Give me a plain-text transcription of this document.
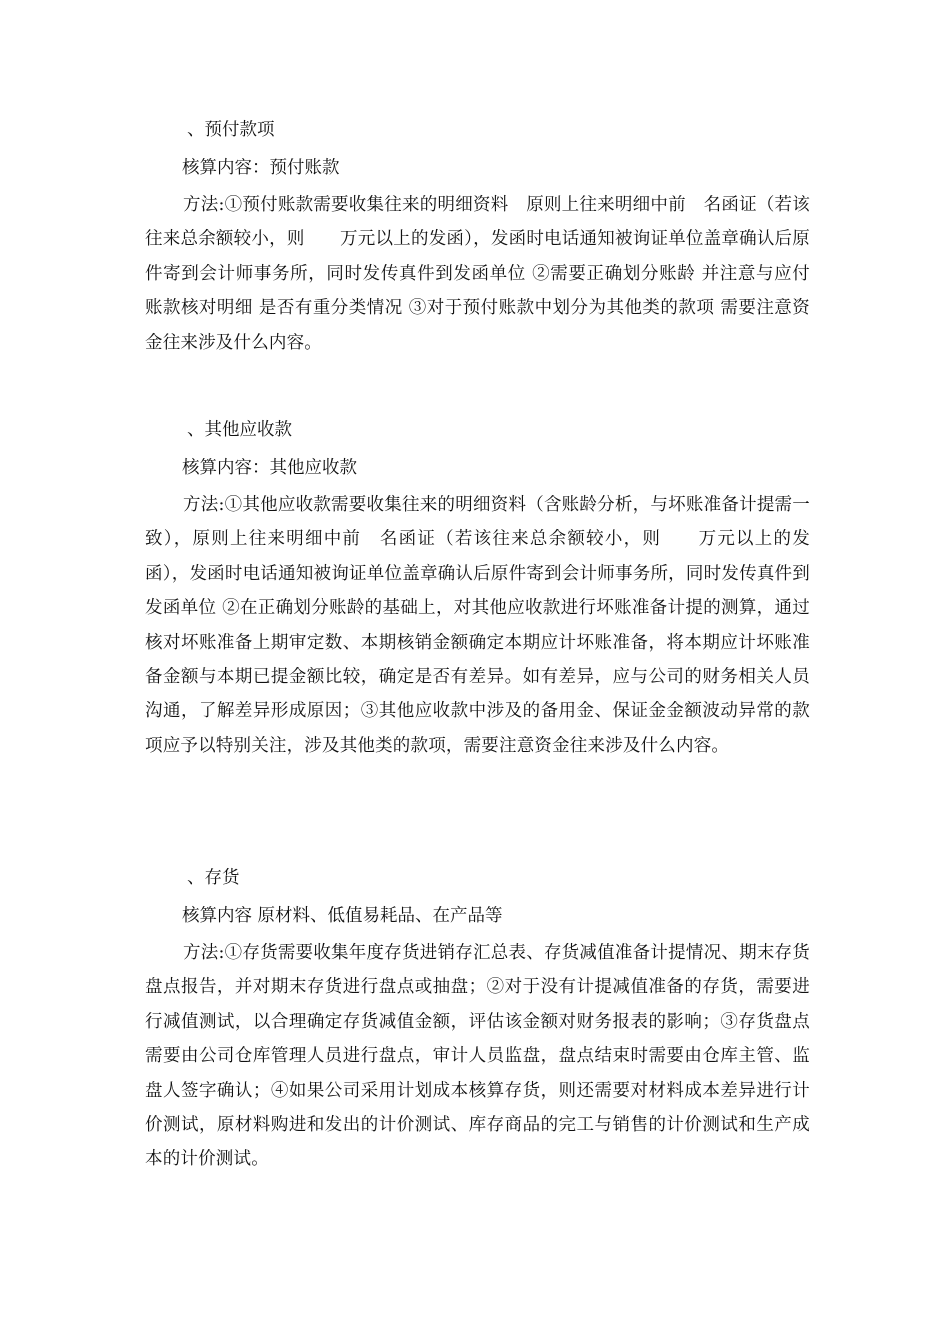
、预付款项
核算内容：预付账款

方法:①预付账款需要收集往来的明细资料　原则上往来明细中前　名函证（若该往来总余额较小，则　　万元以上的发函），发函时电话通知被询证单位盖章确认后原件寄到会计师事务所，同时发传真件到发函单位 ②需要正确划分账龄 并注意与应付账款核对明细 是否有重分类情况 ③对于预付账款中划分为其他类的款项 需要注意资金往来涉及什么内容。

、其他应收款
核算内容：其他应收款

方法:①其他应收款需要收集往来的明细资料（含账龄分析，与坏账准备计提需一致），原则上往来明细中前　名函证（若该往来总余额较小，则　　万元以上的发函），发函时电话通知被询证单位盖章确认后原件寄到会计师事务所，同时发传真件到发函单位 ②在正确划分账龄的基础上，对其他应收款进行坏账准备计提的测算，通过核对坏账准备上期审定数、本期核销金额确定本期应计坏账准备，将本期应计坏账准备金额与本期已提金额比较，确定是否有差异。如有差异，应与公司的财务相关人员沟通，了解差异形成原因；③其他应收款中涉及的备用金、保证金金额波动异常的款项应予以特别关注，涉及其他类的款项，需要注意资金往来涉及什么内容。

、存货
核算内容 原材料、低值易耗品、在产品等

方法:①存货需要收集年度存货进销存汇总表、存货减值准备计提情况、期末存货盘点报告，并对期末存货进行盘点或抽盘；②对于没有计提减值准备的存货，需要进行减值测试，以合理确定存货减值金额，评估该金额对财务报表的影响；③存货盘点需要由公司仓库管理人员进行盘点，审计人员监盘，盘点结束时需要由仓库主管、监盘人签字确认；④如果公司采用计划成本核算存货，则还需要对材料成本差异进行计价测试，原材料购进和发出的计价测试、库存商品的完工与销售的计价测试和生产成本的计价测试。
